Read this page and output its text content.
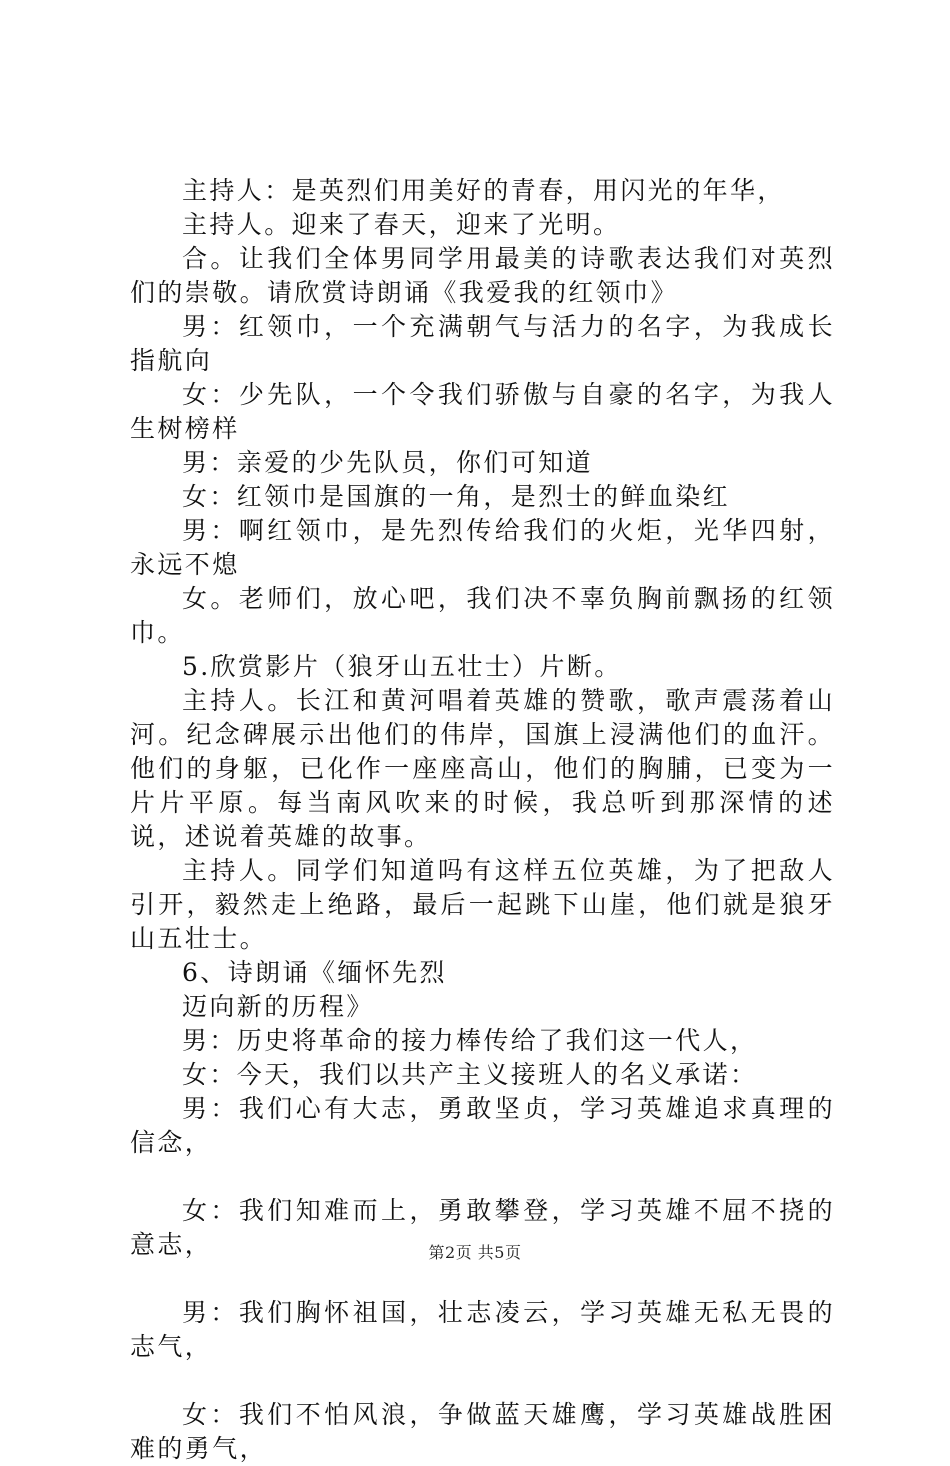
主持人：是英烈们用美好的青春，用闪光的年华，

主持人。迎来了春天，迎来了光明。

合。让我们全体男同学用最美的诗歌表达我们对英烈们的崇敬。请欣赏诗朗诵《我爱我的红领巾》

男：红领巾，一个充满朝气与活力的名字，为我成长指航向

女：少先队，一个令我们骄傲与自豪的名字，为我人生树榜样

男：亲爱的少先队员，你们可知道

女：红领巾是国旗的一角，是烈士的鲜血染红

男：啊红领巾，是先烈传给我们的火炬，光华四射，永远不熄

女。老师们，放心吧，我们决不辜负胸前飘扬的红领巾。

5.欣赏影片（狼牙山五壮士）片断。

主持人。长江和黄河唱着英雄的赞歌，歌声震荡着山河。纪念碑展示出他们的伟岸，国旗上浸满他们的血汗。他们的身躯，已化作一座座高山，他们的胸脯，已变为一片片平原。每当南风吹来的时候，我总听到那深情的述说，述说着英雄的故事。

主持人。同学们知道吗有这样五位英雄，为了把敌人引开，毅然走上绝路，最后一起跳下山崖，他们就是狼牙山五壮士。

6、诗朗诵《缅怀先烈

迈向新的历程》

男：历史将革命的接力棒传给了我们这一代人，

女：今天，我们以共产主义接班人的名义承诺：

男：我们心有大志，勇敢坚贞，学习英雄追求真理的信念，

女：我们知难而上，勇敢攀登，学习英雄不屈不挠的意志，

男：我们胸怀祖国，壮志凌云，学习英雄无私无畏的志气，

女：我们不怕风浪，争做蓝天雄鹰，学习英雄战胜困难的勇气，

第2页 共5页
